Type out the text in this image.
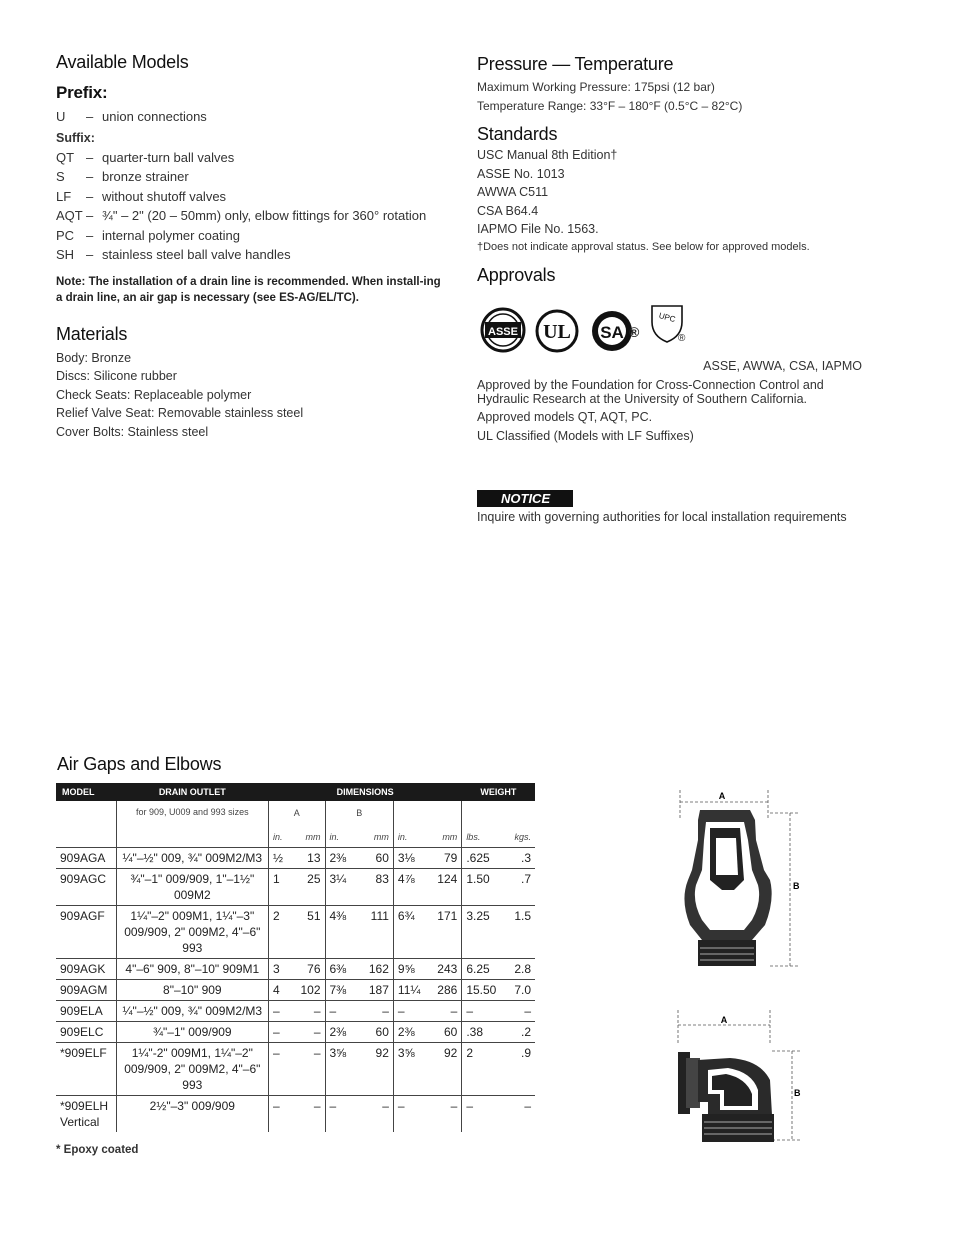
Available Models
Prefix:
U	– union connections
Suffix:
QT – quarter-turn ball valves
S	– bronze strainer
LF	– without shutoff valves
AQT – ¾" – 2" (20 – 50mm) only, elbow fittings for 360° rotation
PC – internal polymer coating
SH – stainless steel ball valve handles
Note: The installation of a drain line is recommended. When install-ing a drain line, an air gap is necessary (see ES-AG/EL/TC).
Materials
Body: Bronze
Discs: Silicone rubber
Check Seats: Replaceable polymer
Relief Valve Seat: Removable stainless steel
Cover Bolts: Stainless steel
Pressure — Temperature
Maximum Working Pressure: 175psi (12 bar)
Temperature Range: 33°F – 180°F (0.5°C – 82°C)
Standards
USC Manual 8th Edition†
ASSE No. 1013
AWWA C511
CSA B64.4
IAPMO File No. 1563.
†Does not indicate approval status. See below for approved models.
Approvals
ASSE UL SA ®
UPC
®
ASSE, AWWA, CSA, IAPMO
Approved by the Foundation for Cross-Connection Control and Hydraulic Research at the University of Southern California.
Approved models QT, AQT, PC.
UL Classified (Models with LF Suffixes)
NOTICE
Inquire with governing authorities for local installation requirements
Air Gaps and Elbows
MODEL	DRAIN OUTLET	DIMENSIONS						WEIGHT	
	for 909, U009 and 993 sizes	A		B					
		in.	mm	in.	mm	in.	mm	lbs.	kgs.
909AGA	¼"–½" 009, ¾" 009M2/M3	½	13	2⅜	60	3⅛	79	.625	.3
909AGC	¾"–1" 009/909, 1"–1½" 009M2	1	25	3¼	83	4⅞	124	1.50	.7
909AGF	1¼"–2" 009M1, 1¼"–3" 009/909, 2" 009M2, 4"–6" 993	2	51	4⅜	111	6¾	171	3.25	1.5
909AGK	4"–6" 909, 8"–10" 909M1	3	76	6⅜	162	9⅝	243	6.25	2.8
909AGM	8"–10" 909	4	102	7⅜	187	11¼	286	15.50	7.0
909ELA	¼"–½" 009, ¾" 009M2/M3	–	–	–	–	–	–	–	–
909ELC	¾"–1" 009/909	–	–	2⅜	60	2⅜	60	.38	.2
*909ELF	1¼"-2" 009M1, 1¼"–2" 009/909, 2" 009M2, 4"–6" 993	–	–	3⅝	92	3⅝	92	2	.9
*909ELH Vertical	2½"–3" 009/909	–	–	–	–	–	–	–	–
* Epoxy coated
A
B
A
B
